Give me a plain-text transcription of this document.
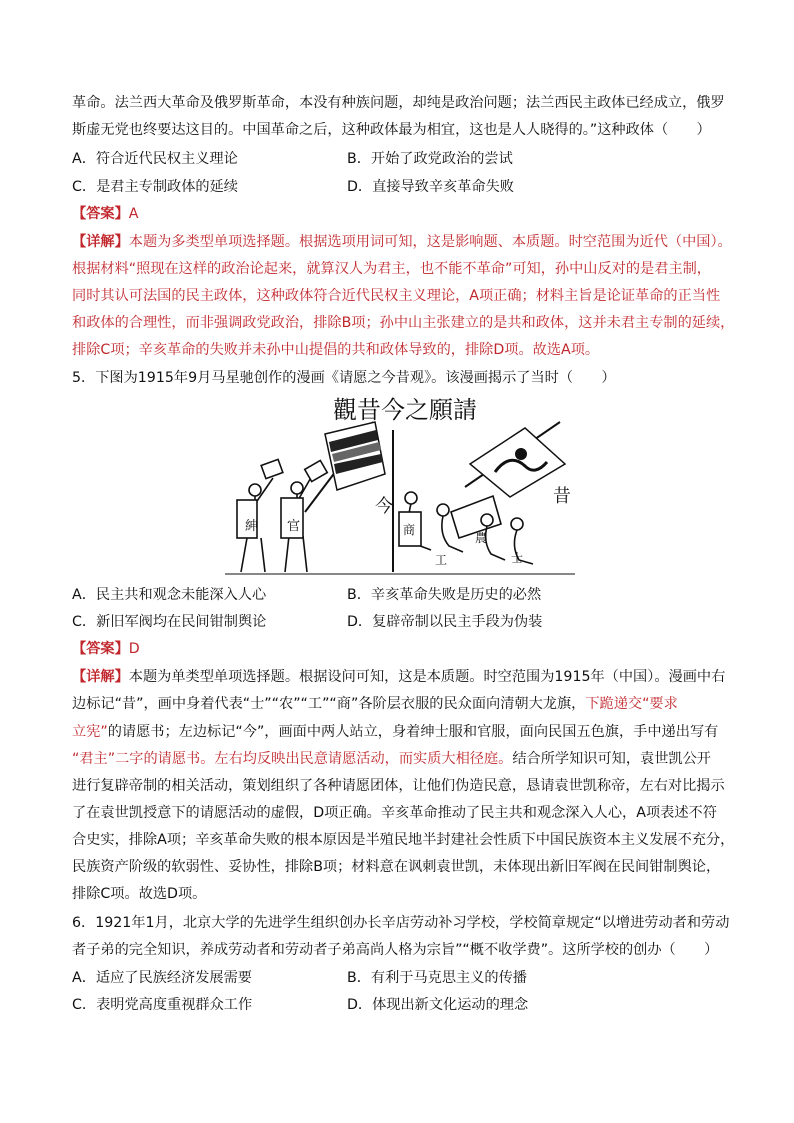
革命。法兰西大革命及俄罗斯革命，本没有种族问题，却纯是政治问题；法兰西民主政体已经成立，俄罗
斯虚无党也终要达这目的。中国革命之后，这种政体最为相宜，这也是人人晓得的。”这种政体（　　）
A．符合近代民权主义理论	B．开始了政党政治的尝试
C．是君主专制政体的延续	D．直接导致辛亥革命失败
【答案】A
【详解】本题为多类型单项选择题。根据选项用词可知，这是影响题、本质题。时空范围为近代（中国）。
根据材料“照现在这样的政治论起来，就算汉人为君主，也不能不革命”可知，孙中山反对的是君主制，
同时其认可法国的民主政体，这种政体符合近代民权主义理论，A项正确；材料主旨是论证革命的正当性
和政体的合理性，而非强调政党政治，排除B项；孙中山主张建立的是共和政体，这并未君主专制的延续，
排除C项；辛亥革命的失败并未孙中山提倡的共和政体导致的，排除D项。故选A项。
5．下图为1915年9月马星驰创作的漫画《请愿之今昔观》。该漫画揭示了当时（　　）
觀昔今之願請
紳 官	商
農
工	士
今	昔
A．民主共和观念未能深入人心	B．辛亥革命失败是历史的必然
C．新旧军阀均在民间钳制舆论	D．复辟帝制以民主手段为伪装
【答案】D
【详解】本题为单类型单项选择题。根据设问可知，这是本质题。时空范围为1915年（中国）。漫画中右
边标记“昔”，画中身着代表“士”“农”“工”“商”各阶层衣服的民众面向清朝大龙旗，下跪递交“要求
立宪”的请愿书；左边标记“今”，画面中两人站立，身着绅士服和官服，面向民国五色旗，手中递出写有
“君主”二字的请愿书。左右均反映出民意请愿活动，而实质大相径庭。结合所学知识可知，袁世凯公开
进行复辟帝制的相关活动，策划组织了各种请愿团体，让他们伪造民意，恳请袁世凯称帝，左右对比揭示
了在袁世凯授意下的请愿活动的虚假，D项正确。辛亥革命推动了民主共和观念深入人心，A项表述不符
合史实，排除A项；辛亥革命失败的根本原因是半殖民地半封建社会性质下中国民族资本主义发展不充分，
民族资产阶级的软弱性、妥协性，排除B项；材料意在讽刺袁世凯，未体现出新旧军阀在民间钳制舆论，
排除C项。故选D项。
6．1921年1月，北京大学的先进学生组织创办长辛店劳动补习学校，学校简章规定“以增进劳动者和劳动
者子弟的完全知识，养成劳动者和劳动者子弟高尚人格为宗旨”“概不收学费”。这所学校的创办（　　）
A．适应了民族经济发展需要	B．有利于马克思主义的传播
C．表明党高度重视群众工作	D．体现出新文化运动的理念
